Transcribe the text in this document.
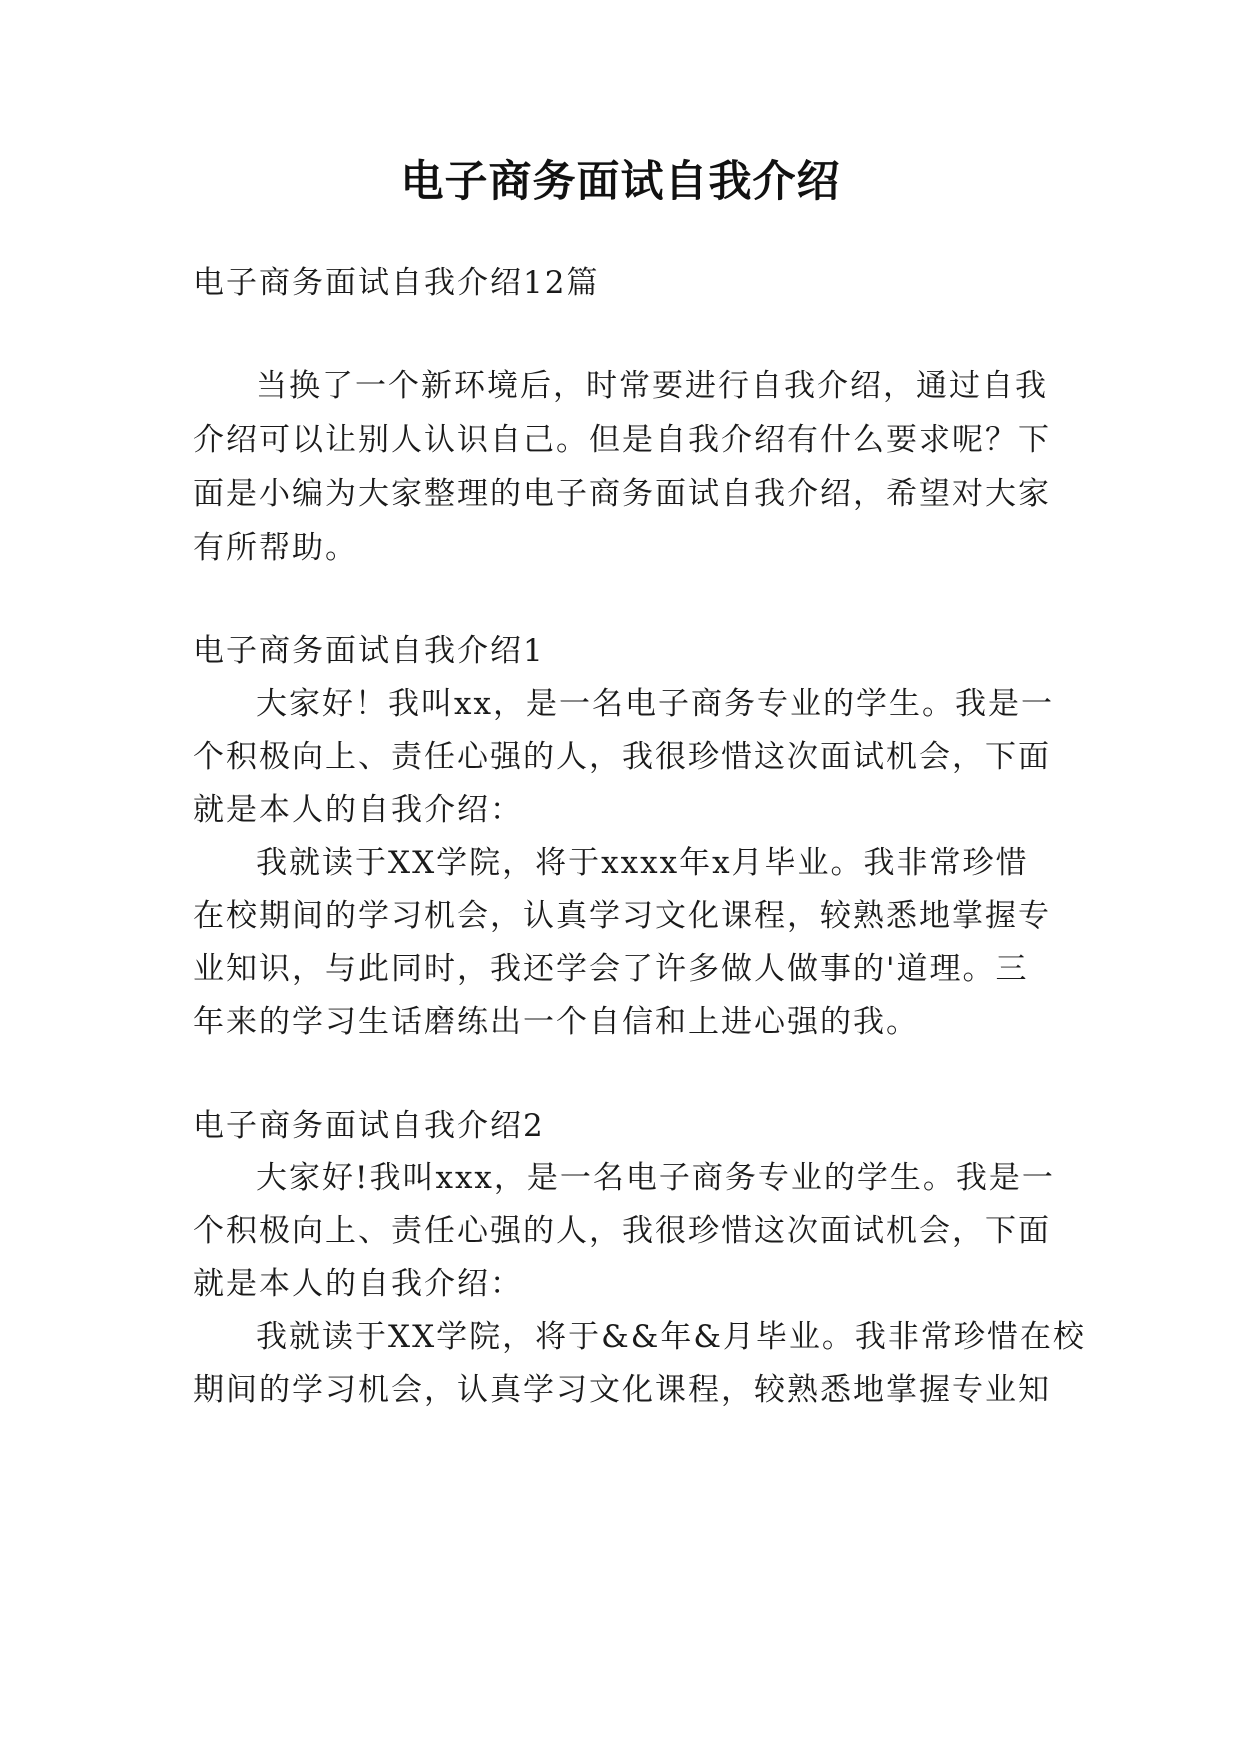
电子商务面试自我介绍
电子商务面试自我介绍12篇
当换了一个新环境后，时常要进行自我介绍，通过自我
介绍可以让别人认识自己。但是自我介绍有什么要求呢？下
面是小编为大家整理的电子商务面试自我介绍，希望对大家
有所帮助。
电子商务面试自我介绍1
大家好！我叫xx，是一名电子商务专业的学生。我是一
个积极向上、责任心强的人，我很珍惜这次面试机会，下面
就是本人的自我介绍：
我就读于XX学院，将于xxxx年x月毕业。我非常珍惜
在校期间的学习机会，认真学习文化课程，较熟悉地掌握专
业知识，与此同时，我还学会了许多做人做事的'道理。三
年来的学习生话磨练出一个自信和上进心强的我。
电子商务面试自我介绍2
大家好!我叫xxx，是一名电子商务专业的学生。我是一
个积极向上、责任心强的人，我很珍惜这次面试机会，下面
就是本人的自我介绍：
我就读于XX学院，将于&&年&月毕业。我非常珍惜在校
期间的学习机会，认真学习文化课程，较熟悉地掌握专业知
